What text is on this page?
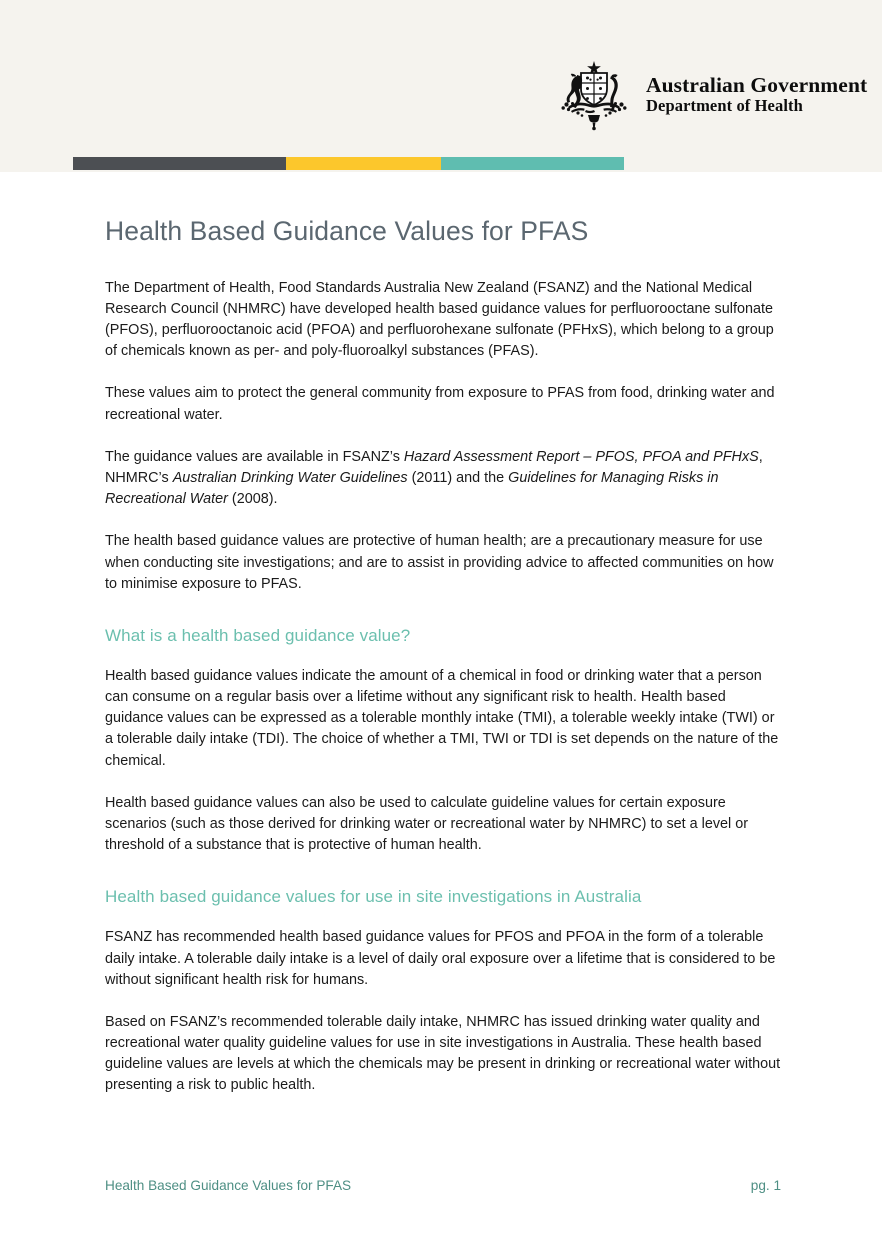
Australian Government Department of Health
Health Based Guidance Values for PFAS

The Department of Health, Food Standards Australia New Zealand (FSANZ) and the National Medical Research Council (NHMRC) have developed health based guidance values for perfluorooctane sulfonate (PFOS), perfluorooctanoic acid (PFOA) and perfluorohexane sulfonate (PFHxS), which belong to a group of chemicals known as per- and poly-fluoroalkyl substances (PFAS).

These values aim to protect the general community from exposure to PFAS from food, drinking water and recreational water.

The guidance values are available in FSANZ’s Hazard Assessment Report – PFOS, PFOA and PFHxS, NHMRC’s Australian Drinking Water Guidelines (2011) and the Guidelines for Managing Risks in Recreational Water (2008).

The health based guidance values are protective of human health; are a precautionary measure for use when conducting site investigations; and are to assist in providing advice to affected communities on how to minimise exposure to PFAS.

What is a health based guidance value?

Health based guidance values indicate the amount of a chemical in food or drinking water that a person can consume on a regular basis over a lifetime without any significant risk to health. Health based guidance values can be expressed as a tolerable monthly intake (TMI), a tolerable weekly intake (TWI) or a tolerable daily intake (TDI). The choice of whether a TMI, TWI or TDI is set depends on the nature of the chemical.

Health based guidance values can also be used to calculate guideline values for certain exposure scenarios (such as those derived for drinking water or recreational water by NHMRC) to set a level or threshold of a substance that is protective of human health.

Health based guidance values for use in site investigations in Australia

FSANZ has recommended health based guidance values for PFOS and PFOA in the form of a tolerable daily intake. A tolerable daily intake is a level of daily oral exposure over a lifetime that is considered to be without significant health risk for humans.

Based on FSANZ’s recommended tolerable daily intake, NHMRC has issued drinking water quality and recreational water quality guideline values for use in site investigations in Australia. These health based guideline values are levels at which the chemicals may be present in drinking or recreational water without presenting a risk to public health.

Health Based Guidance Values for PFAS	pg. 1
